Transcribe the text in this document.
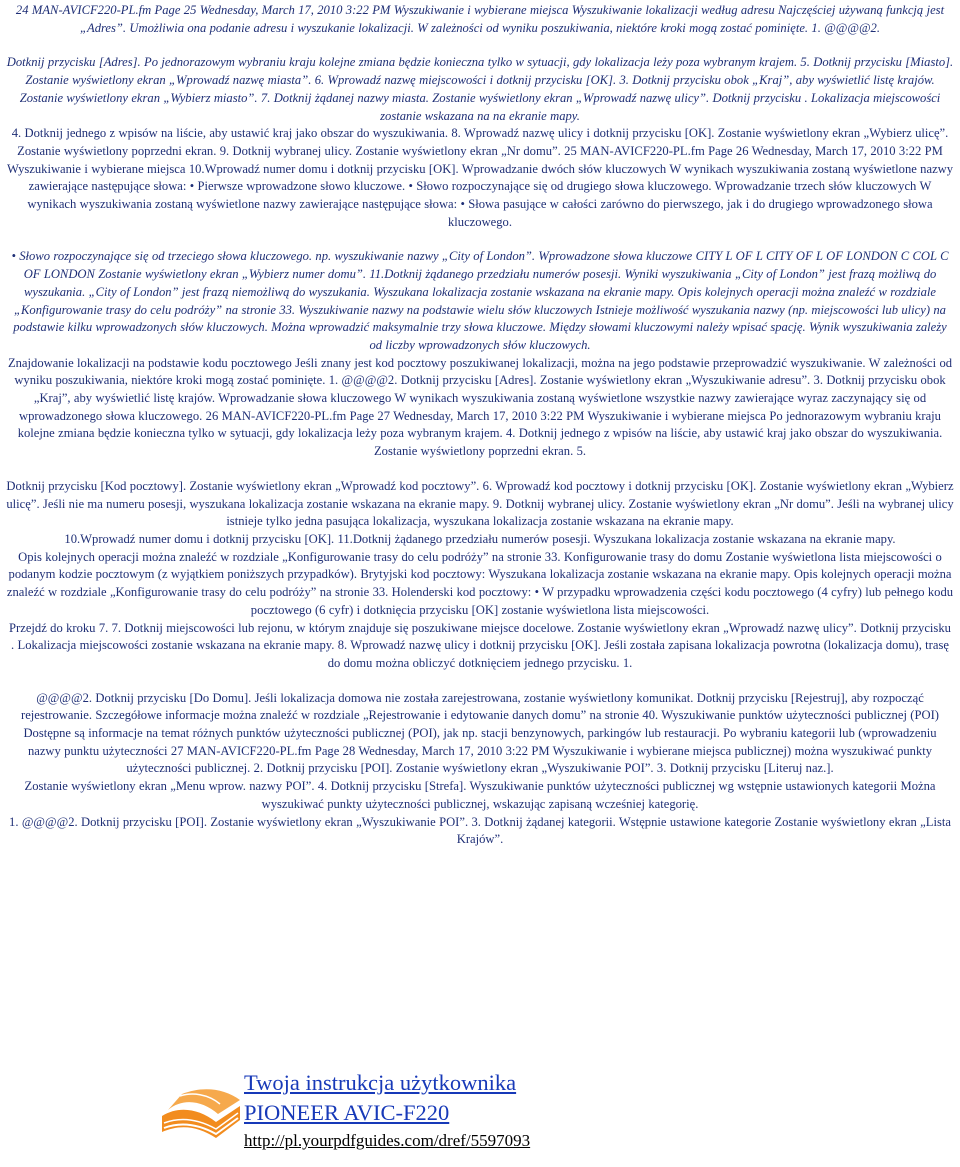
24 MAN-AVICF220-PL.fm Page 25 Wednesday, March 17, 2010 3:22 PM Wyszukiwanie i wybierane miejsca Wyszukiwanie lokalizacji według adresu Najczęściej używaną funkcją jest „Adres”. Umożliwia ona podanie adresu i wyszukanie lokalizacji. W zależności od wyniku poszukiwania, niektóre kroki mogą zostać pominięte. 1. @@@@2.

Dotknij przycisku [Adres]. Po jednorazowym wybraniu kraju kolejne zmiana będzie konieczna tylko w sytuacji, gdy lokalizacja leży poza wybranym krajem. 5. Dotknij przycisku [Miasto]. Zostanie wyświetlony ekran „Wprowadź nazwę miasta”. 6. Wprowadź nazwę miejscowości i dotknij przycisku [OK]. 3. Dotknij przycisku obok „Kraj”, aby wyświetlić listę krajów. Zostanie wyświetlony ekran „Wybierz miasto”. 7. Dotknij żądanej nazwy miasta. Zostanie wyświetlony ekran „Wprowadź nazwę ulicy”. Dotknij przycisku . Lokalizacja miejscowości zostanie wskazana na na ekranie mapy.

4. Dotknij jednego z wpisów na liście, aby ustawić kraj jako obszar do wyszukiwania. 8. Wprowadź nazwę ulicy i dotknij przycisku [OK]. Zostanie wyświetlony ekran „Wybierz ulicę”.

Zostanie wyświetlony poprzedni ekran. 9. Dotknij wybranej ulicy. Zostanie wyświetlony ekran „Nr domu”. 25 MAN-AVICF220-PL.fm Page 26 Wednesday, March 17, 2010 3:22 PM Wyszukiwanie i wybierane miejsca 10.Wprowadź numer domu i dotknij przycisku [OK]. Wprowadzanie dwóch słów kluczowych W wynikach wyszukiwania zostaną wyświetlone nazwy zawierające następujące słowa: • Pierwsze wprowadzone słowo kluczowe. • Słowo rozpoczynające się od drugiego słowa kluczowego. Wprowadzanie trzech słów kluczowych W wynikach wyszukiwania zostaną wyświetlone nazwy zawierające następujące słowa: • Słowa pasujące w całości zarówno do pierwszego, jak i do drugiego wprowadzonego słowa kluczowego.

• Słowo rozpoczynające się od trzeciego słowa kluczowego. np. wyszukiwanie nazwy „City of London”. Wprowadzone słowa kluczowe CITY L OF L CITY OF L OF LONDON C COL C OF LONDON Zostanie wyświetlony ekran „Wybierz numer domu”. 11.Dotknij żądanego przedziału numerów posesji. Wyniki wyszukiwania „City of London” jest frazą możliwą do wyszukania. „City of London” jest frazą niemożliwą do wyszukania. Wyszukana lokalizacja zostanie wskazana na ekranie mapy. Opis kolejnych operacji można znaleźć w rozdziale „Konfigurowanie trasy do celu podróży” na stronie 33. Wyszukiwanie nazwy na podstawie wielu słów kluczowych Istnieje możliwość wyszukania nazwy (np. miejscowości lub ulicy) na podstawie kilku wprowadzonych słów kluczowych. Można wprowadzić maksymalnie trzy słowa kluczowe. Między słowami kluczowymi należy wpisać spację. Wynik wyszukiwania zależy od liczby wprowadzonych słów kluczowych.

Znajdowanie lokalizacji na podstawie kodu pocztowego Jeśli znany jest kod pocztowy poszukiwanej lokalizacji, można na jego podstawie przeprowadzić wyszukiwanie. W zależności od wyniku poszukiwania, niektóre kroki mogą zostać pominięte. 1. @@@@2. Dotknij przycisku [Adres]. Zostanie wyświetlony ekran „Wyszukiwanie adresu”. 3. Dotknij przycisku obok „Kraj”, aby wyświetlić listę krajów. Wprowadzanie słowa kluczowego W wynikach wyszukiwania zostaną wyświetlone wszystkie nazwy zawierające wyraz zaczynający się od wprowadzonego słowa kluczowego. 26 MAN-AVICF220-PL.fm Page 27 Wednesday, March 17, 2010 3:22 PM Wyszukiwanie i wybierane miejsca Po jednorazowym wybraniu kraju kolejne zmiana będzie konieczna tylko w sytuacji, gdy lokalizacja leży poza wybranym krajem. 4. Dotknij jednego z wpisów na liście, aby ustawić kraj jako obszar do wyszukiwania. Zostanie wyświetlony poprzedni ekran. 5.

Dotknij przycisku [Kod pocztowy]. Zostanie wyświetlony ekran „Wprowadź kod pocztowy”. 6. Wprowadź kod pocztowy i dotknij przycisku [OK]. Zostanie wyświetlony ekran „Wybierz ulicę”. Jeśli nie ma numeru posesji, wyszukana lokalizacja zostanie wskazana na ekranie mapy. 9. Dotknij wybranej ulicy. Zostanie wyświetlony ekran „Nr domu”. Jeśli na wybranej ulicy istnieje tylko jedna pasująca lokalizacja, wyszukana lokalizacja zostanie wskazana na ekranie mapy.

10.Wprowadź numer domu i dotknij przycisku [OK]. 11.Dotknij żądanego przedziału numerów posesji. Wyszukana lokalizacja zostanie wskazana na ekranie mapy.

Opis kolejnych operacji można znaleźć w rozdziale „Konfigurowanie trasy do celu podróży” na stronie 33. Konfigurowanie trasy do domu Zostanie wyświetlona lista miejscowości o podanym kodzie pocztowym (z wyjątkiem poniższych przypadków). Brytyjski kod pocztowy: Wyszukana lokalizacja zostanie wskazana na ekranie mapy. Opis kolejnych operacji można znaleźć w rozdziale „Konfigurowanie trasy do celu podróży” na stronie 33. Holenderski kod pocztowy: • W przypadku wprowadzenia części kodu pocztowego (4 cyfry) lub pełnego kodu pocztowego (6 cyfr) i dotknięcia przycisku [OK] zostanie wyświetlona lista miejscowości.

Przejdź do kroku 7. 7. Dotknij miejscowości lub rejonu, w którym znajduje się poszukiwane miejsce docelowe. Zostanie wyświetlony ekran „Wprowadź nazwę ulicy”. Dotknij przycisku . Lokalizacja miejscowości zostanie wskazana na ekranie mapy. 8. Wprowadź nazwę ulicy i dotknij przycisku [OK]. Jeśli została zapisana lokalizacja powrotna (lokalizacja domu), trasę do domu można obliczyć dotknięciem jednego przycisku. 1.

@@@@2. Dotknij przycisku [Do Domu]. Jeśli lokalizacja domowa nie została zarejestrowana, zostanie wyświetlony komunikat. Dotknij przycisku [Rejestruj], aby rozpocząć rejestrowanie. Szczegółowe informacje można znaleźć w rozdziale „Rejestrowanie i edytowanie danych domu” na stronie 40. Wyszukiwanie punktów użyteczności publicznej (POI) Dostępne są informacje na temat różnych punktów użyteczności publicznej (POI), jak np. stacji benzynowych, parkingów lub restauracji. Po wybraniu kategorii lub (wprowadzeniu nazwy punktu użyteczności 27 MAN-AVICF220-PL.fm Page 28 Wednesday, March 17, 2010 3:22 PM Wyszukiwanie i wybierane miejsca publicznej) można wyszukiwać punkty użyteczności publicznej. 2. Dotknij przycisku [POI]. Zostanie wyświetlony ekran „Wyszukiwanie POI”. 3. Dotknij przycisku [Literuj naz.].

Zostanie wyświetlony ekran „Menu wprow. nazwy POI”. 4. Dotknij przycisku [Strefa]. Wyszukiwanie punktów użyteczności publicznej wg wstępnie ustawionych kategorii Można wyszukiwać punkty użyteczności publicznej, wskazując zapisaną wcześniej kategorię.

1. @@@@2. Dotknij przycisku [POI]. Zostanie wyświetlony ekran „Wyszukiwanie POI”. 3. Dotknij żądanej kategorii. Wstępnie ustawione kategorie Zostanie wyświetlony ekran „Lista Krajów”.

Twoja instrukcja użytkownika
PIONEER AVIC-F220
http://pl.yourpdfguides.com/dref/5597093
